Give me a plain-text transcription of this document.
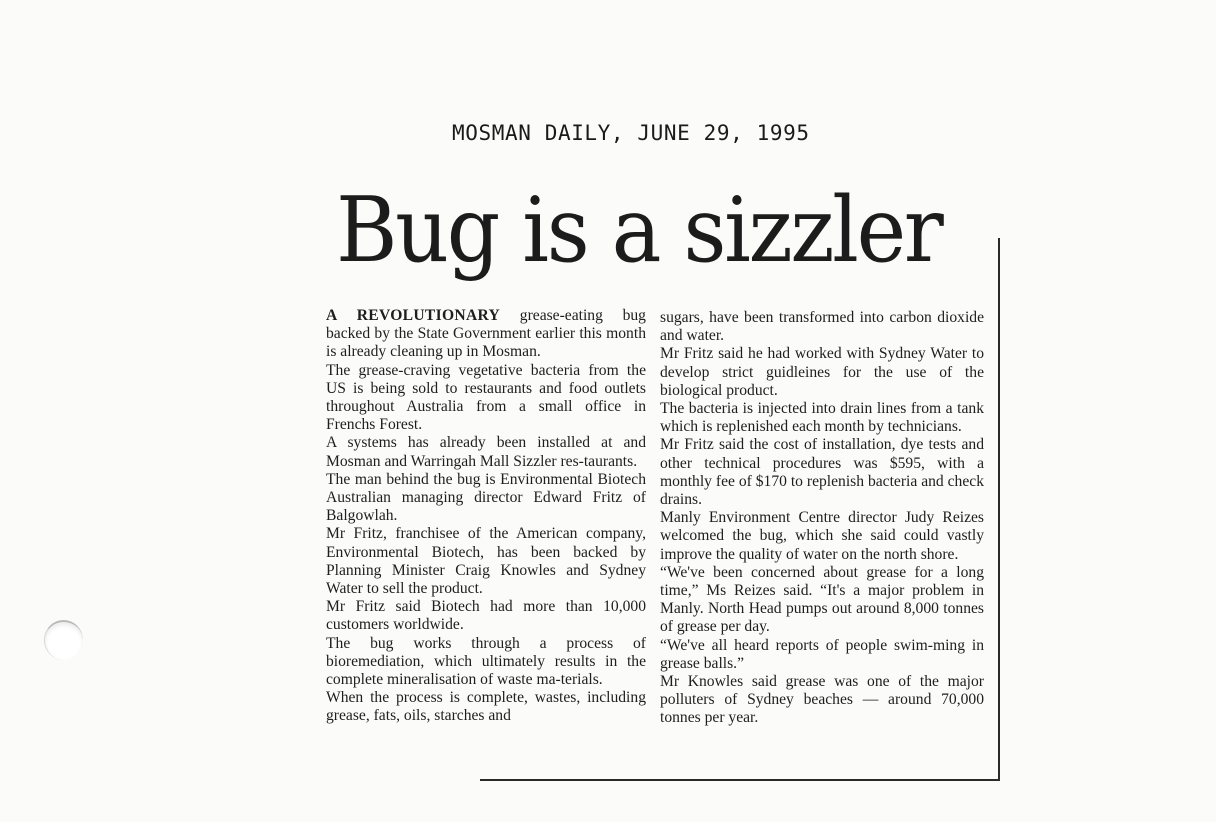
MOSMAN DAILY, JUNE 29, 1995
Bug is a sizzler

A REVOLUTIONARY grease-eating bug backed by the State Government earlier this month is already cleaning up in Mosman.

The grease-craving vegetative bacteria from the US is being sold to restaurants and food outlets throughout Australia from a small office in Frenchs Forest.

A systems has already been installed at and Mosman and Warringah Mall Sizzler res-taurants.

The man behind the bug is Environmental Biotech Australian managing director Edward Fritz of Balgowlah.

Mr Fritz, franchisee of the American company, Environmental Biotech, has been backed by Planning Minister Craig Knowles and Sydney Water to sell the product.

Mr Fritz said Biotech had more than 10,000 customers worldwide.

The bug works through a process of bioremediation, which ultimately results in the complete mineralisation of waste ma-terials.

When the process is complete, wastes, including grease, fats, oils, starches and

sugars, have been transformed into carbon dioxide and water.

Mr Fritz said he had worked with Sydney Water to develop strict guidleines for the use of the biological product.

The bacteria is injected into drain lines from a tank which is replenished each month by technicians.

Mr Fritz said the cost of installation, dye tests and other technical procedures was $595, with a monthly fee of $170 to replenish bacteria and check drains.

Manly Environment Centre director Judy Reizes welcomed the bug, which she said could vastly improve the quality of water on the north shore.

“We've been concerned about grease for a long time,” Ms Reizes said. “It's a major problem in Manly. North Head pumps out around 8,000 tonnes of grease per day.

“We've all heard reports of people swim-ming in grease balls.”

Mr Knowles said grease was one of the major polluters of Sydney beaches — around 70,000 tonnes per year.
